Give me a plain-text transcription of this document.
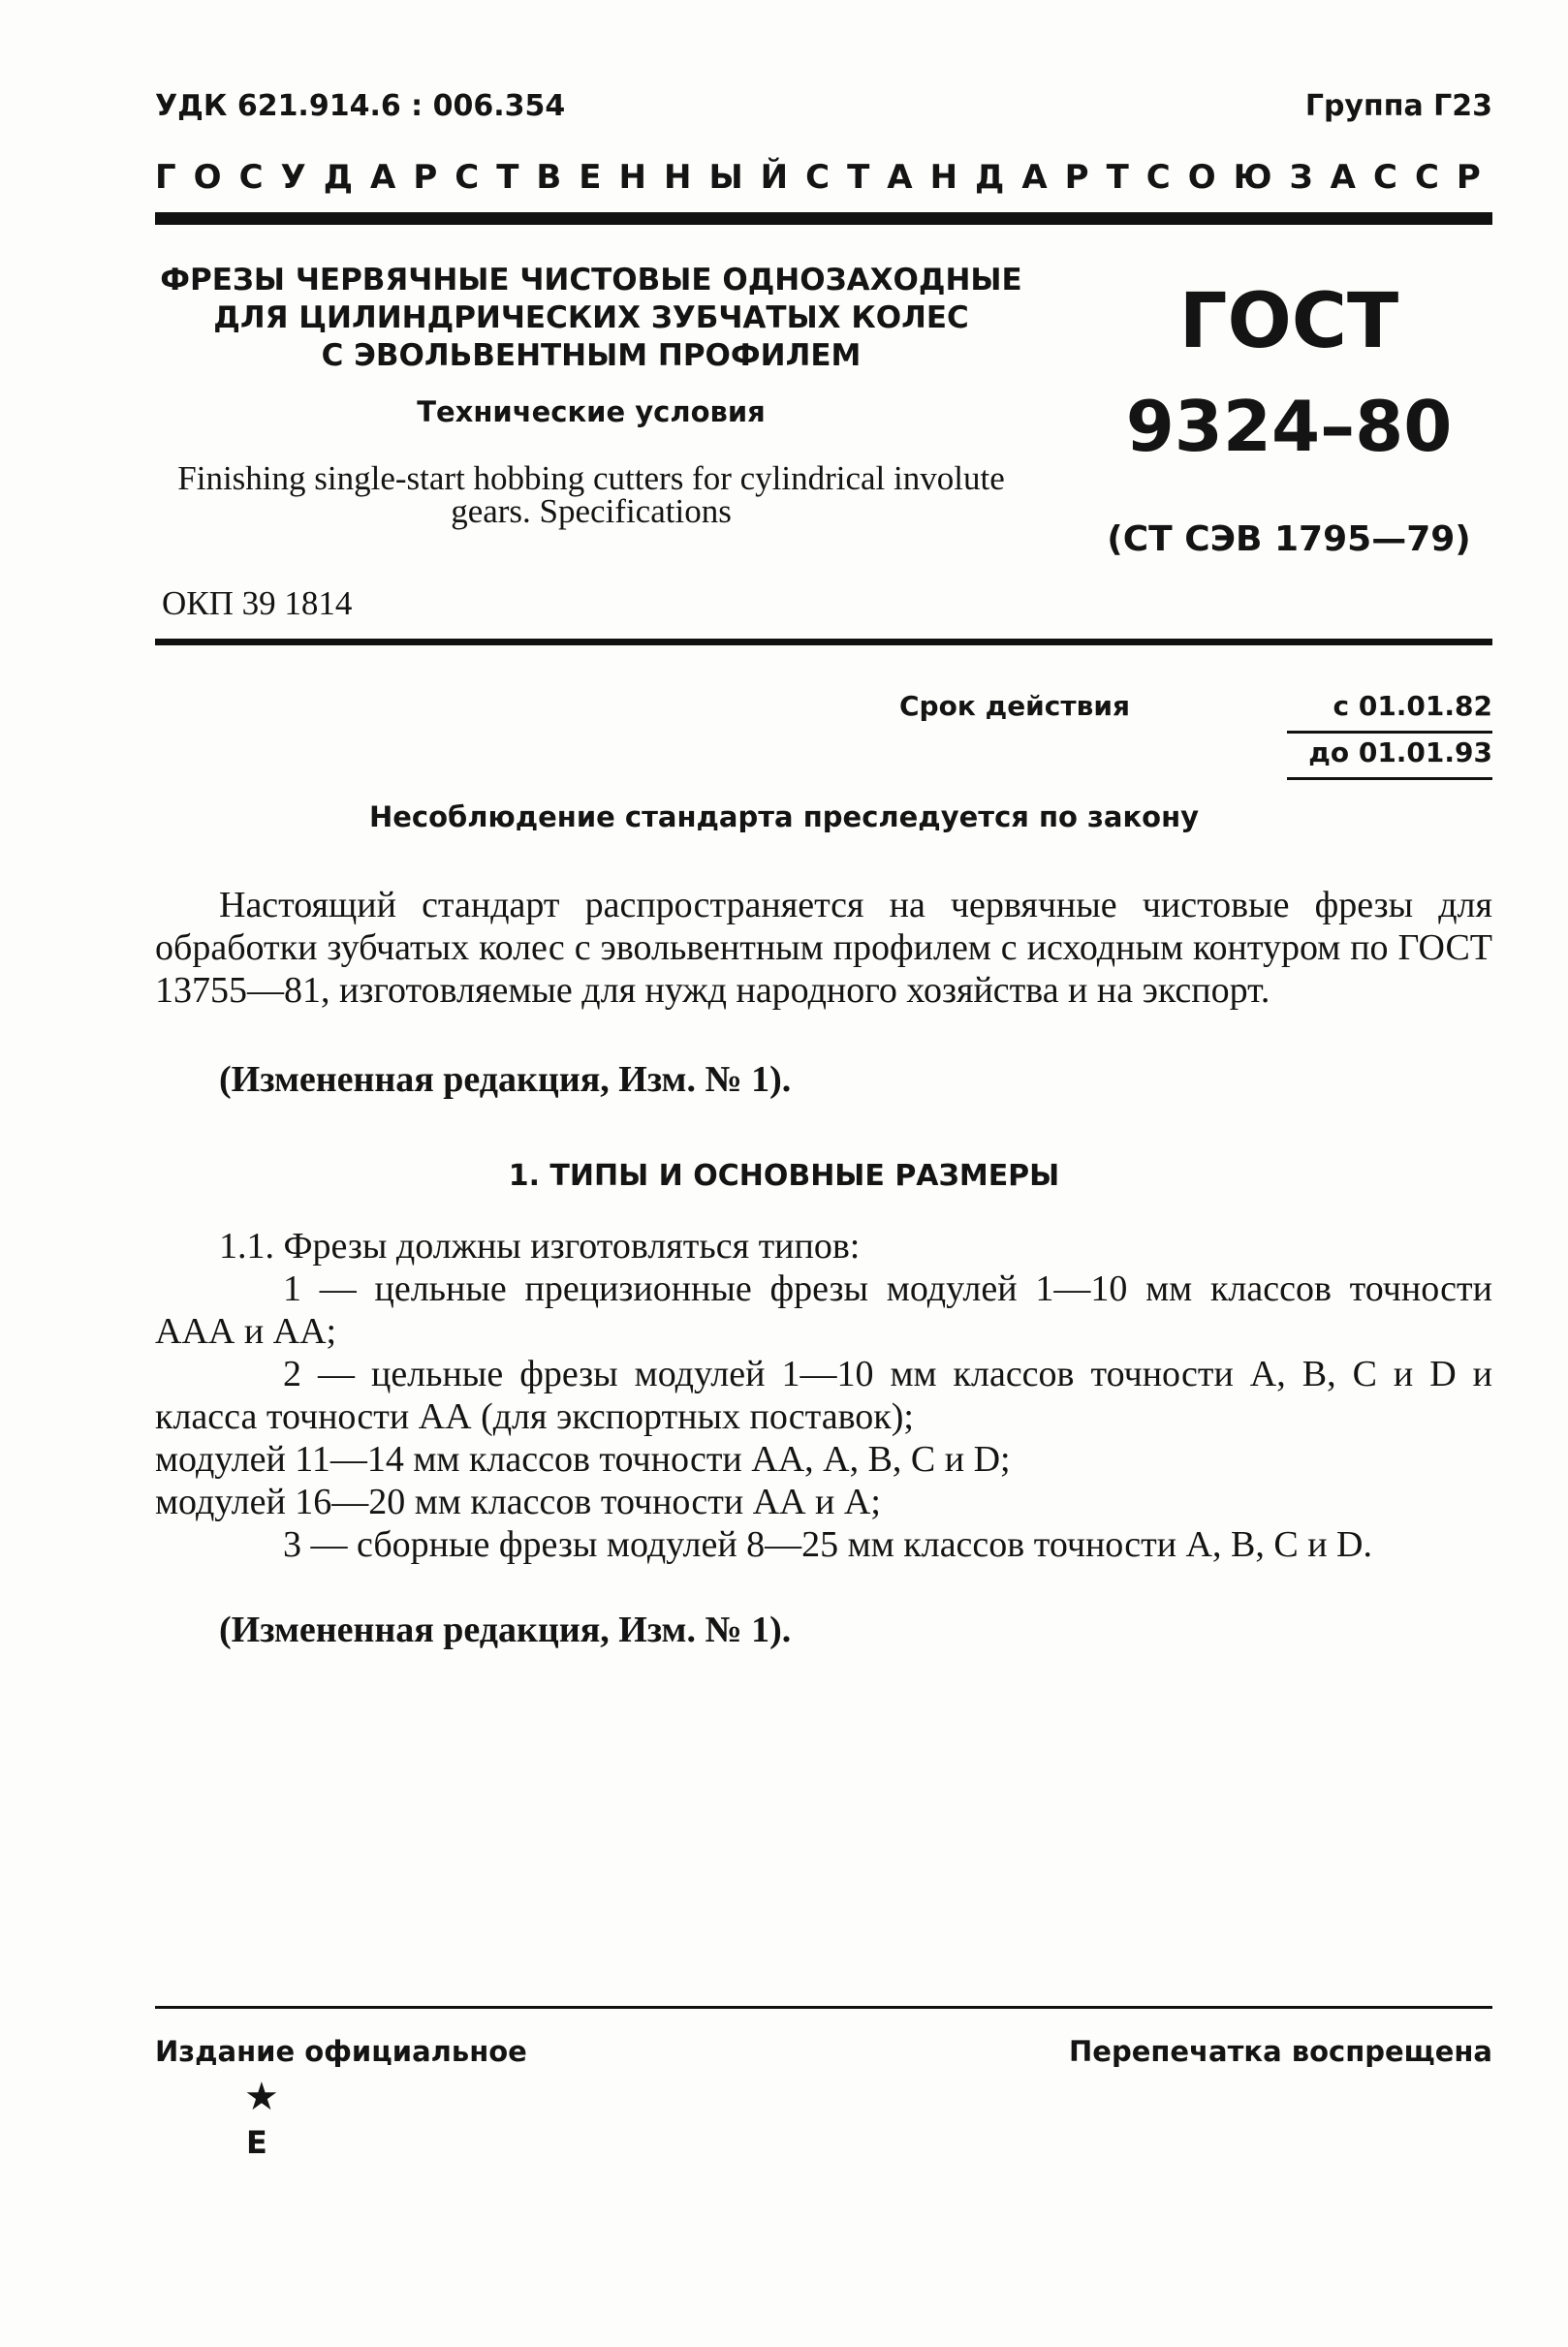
УДК 621.914.6 : 006.354	Группа Г23
ГОСУДАРСТВЕННЫЙ СТАНДАРТ СОЮЗА ССР
ФРЕЗЫ ЧЕРВЯЧНЫЕ ЧИСТОВЫЕ ОДНОЗАХОДНЫЕ
ДЛЯ ЦИЛИНДРИЧЕСКИХ ЗУБЧАТЫХ КОЛЕС
С ЭВОЛЬВЕНТНЫМ ПРОФИЛЕМ
Технические условия
Finishing single-start hobbing cutters for cylindrical involute gears. Specifications
ОКП 39 1814
ГОСТ
9324–80
(СТ СЭВ 1795—79)
Срок действия	с 01.01.82
до 01.01.93
Несоблюдение стандарта преследуется по закону
Настоящий стандарт распространяется на червячные чистовые фрезы для обработки зубчатых колес с эвольвентным профилем с исходным контуром по ГОСТ 13755—81, изготовляемые для нужд народного хозяйства и на экспорт.
(Измененная редакция, Изм. № 1).
1. ТИПЫ И ОСНОВНЫЕ РАЗМЕРЫ
1.1. Фрезы должны изготовляться типов:
1 — цельные прецизионные фрезы модулей 1—10 мм классов точности ААА и АА;
2 — цельные фрезы модулей 1—10 мм классов точности А, В, С и D и класса точности АА (для экспортных поставок);
модулей 11—14 мм классов точности АА, А, В, С и D;
модулей 16—20 мм классов точности АА и А;
3 — сборные фрезы модулей 8—25 мм классов точности А, В, С и D.
(Измененная редакция, Изм. № 1).
Издание официальное	Перепечатка воспрещена
★
Е
